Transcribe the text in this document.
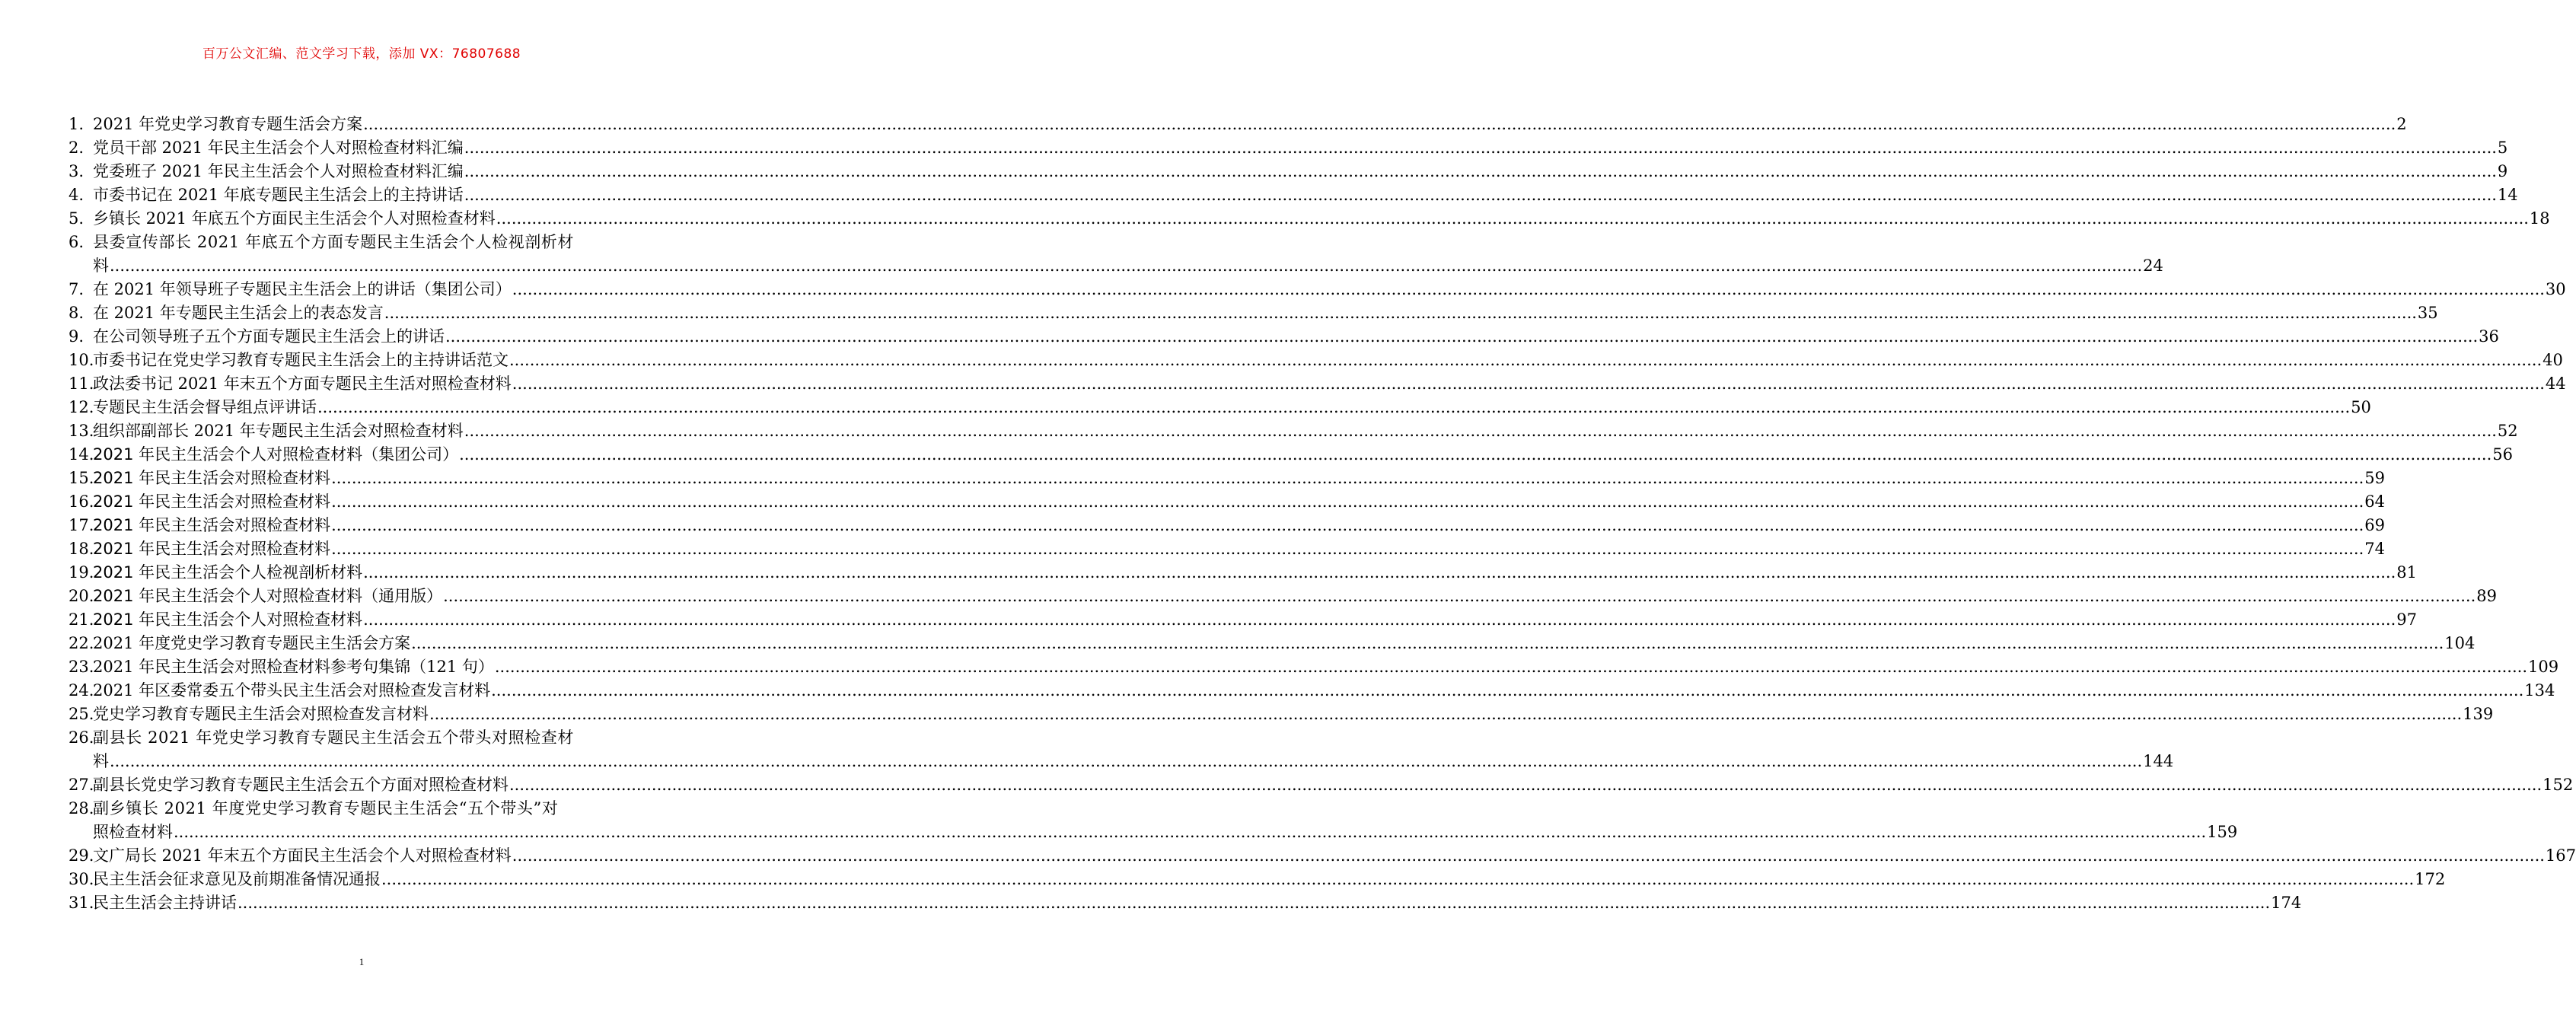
百万公文汇编、范文学习下载，添加 VX：76807688
1. 2021 年党史学习教育专题生活会方案 ................................................................................................................................................................................................................................................................................................................................................................................................................ 2
2. 党员干部 2021 年民主生活会个人对照检查材料汇编 ................................................................................................................................................................................................................................................................................................................................................................................................................ 5
3. 党委班子 2021 年民主生活会个人对照检查材料汇编 ................................................................................................................................................................................................................................................................................................................................................................................................................ 9
4. 市委书记在 2021 年底专题民主生活会上的主持讲话 ................................................................................................................................................................................................................................................................................................................................................................................................................ 14
5. 乡镇长 2021 年底五个方面民主生活会个人对照检查材料 ................................................................................................................................................................................................................................................................................................................................................................................................................ 18
6. 县委宣传部长 2021 年底五个方面专题民主生活会个人检视剖析材
料 ................................................................................................................................................................................................................................................................................................................................................................................................................ 24
7. 在 2021 年领导班子专题民主生活会上的讲话（集团公司） ................................................................................................................................................................................................................................................................................................................................................................................................................ 30
8. 在 2021 年专题民主生活会上的表态发言 ................................................................................................................................................................................................................................................................................................................................................................................................................ 35
9. 在公司领导班子五个方面专题民主生活会上的讲话 ................................................................................................................................................................................................................................................................................................................................................................................................................ 36
10.
市委书记在党史学习教育专题民主生活会上的主持讲话范文 ................................................................................................................................................................................................................................................................................................................................................................................................................ 40
11.
政法委书记 2021 年末五个方面专题民主生活对照检查材料 ................................................................................................................................................................................................................................................................................................................................................................................................................ 44
12.
专题民主生活会督导组点评讲话 ................................................................................................................................................................................................................................................................................................................................................................................................................ 50
13.
组织部副部长 2021 年专题民主生活会对照检查材料 ................................................................................................................................................................................................................................................................................................................................................................................................................ 52
14.
2021 年民主生活会个人对照检查材料（集团公司） ................................................................................................................................................................................................................................................................................................................................................................................................................ 56
15.
2021 年民主生活会对照检查材料 ................................................................................................................................................................................................................................................................................................................................................................................................................ 59
16.
2021 年民主生活会对照检查材料 ................................................................................................................................................................................................................................................................................................................................................................................................................ 64
17.
2021 年民主生活会对照检查材料 ................................................................................................................................................................................................................................................................................................................................................................................................................ 69
18.
2021 年民主生活会对照检查材料 ................................................................................................................................................................................................................................................................................................................................................................................................................ 74
19.
2021 年民主生活会个人检视剖析材料 ................................................................................................................................................................................................................................................................................................................................................................................................................ 81
20.
2021 年民主生活会个人对照检查材料（通用版） ................................................................................................................................................................................................................................................................................................................................................................................................................ 89
21.
2021 年民主生活会个人对照检查材料 ................................................................................................................................................................................................................................................................................................................................................................................................................ 97
22.
2021 年度党史学习教育专题民主生活会方案 ................................................................................................................................................................................................................................................................................................................................................................................................................ 104
23.
2021 年民主生活会对照检查材料参考句集锦（121 句） ................................................................................................................................................................................................................................................................................................................................................................................................................ 109
24.
2021 年区委常委五个带头民主生活会对照检查发言材料 ................................................................................................................................................................................................................................................................................................................................................................................................................ 134
25.
党史学习教育专题民主生活会对照检查发言材料 ................................................................................................................................................................................................................................................................................................................................................................................................................ 139
26.
副县长 2021 年党史学习教育专题民主生活会五个带头对照检查材
料 ................................................................................................................................................................................................................................................................................................................................................................................................................ 144
27.
副县长党史学习教育专题民主生活会五个方面对照检查材料 ................................................................................................................................................................................................................................................................................................................................................................................................................ 152
28.
副乡镇长 2021 年度党史学习教育专题民主生活会“五个带头”对
照检查材料 ................................................................................................................................................................................................................................................................................................................................................................................................................ 159
29.
文广局长 2021 年末五个方面民主生活会个人对照检查材料 ................................................................................................................................................................................................................................................................................................................................................................................................................ 167
30.
民主生活会征求意见及前期准备情况通报 ................................................................................................................................................................................................................................................................................................................................................................................................................ 172
31.
民主生活会主持讲话 ................................................................................................................................................................................................................................................................................................................................................................................................................ 174
1
